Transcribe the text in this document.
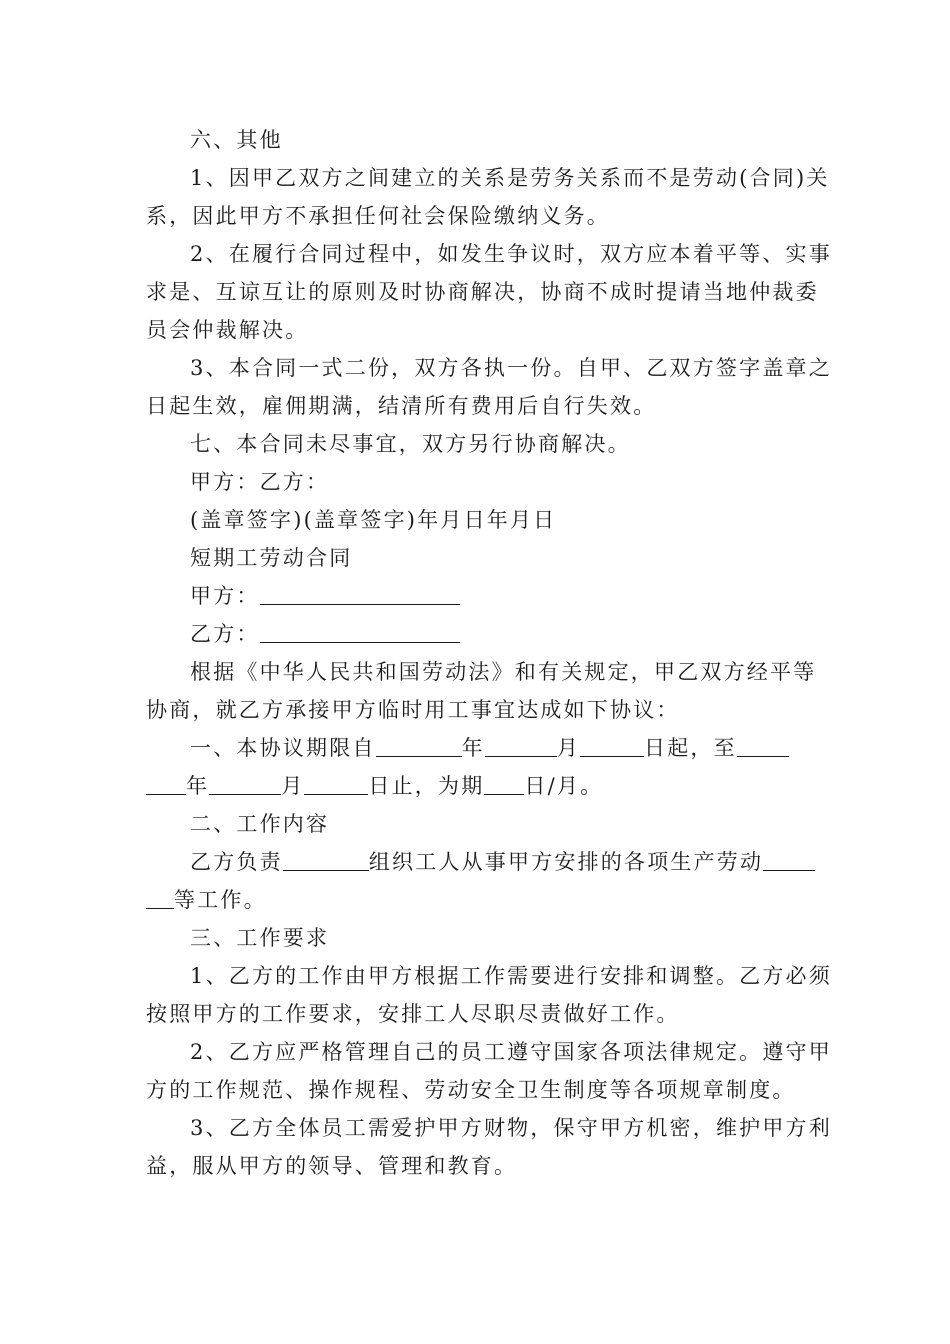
六、其他
1、因甲乙双方之间建立的关系是劳务关系而不是劳动(合同)关
系，因此甲方不承担任何社会保险缴纳义务。
2、在履行合同过程中，如发生争议时，双方应本着平等、实事
求是、互谅互让的原则及时协商解决，协商不成时提请当地仲裁委
员会仲裁解决。
3、本合同一式二份，双方各执一份。自甲、乙双方签字盖章之
日起生效，雇佣期满，结清所有费用后自行失效。
七、本合同未尽事宜，双方另行协商解决。
甲方：乙方：
(盖章签字)(盖章签字)年月日年月日
短期工劳动合同
甲方：
乙方：
根据《中华人民共和国劳动法》和有关规定，甲乙双方经平等
协商，就乙方承接甲方临时用工事宜达成如下协议：
一、本协议期限自	年	月	日起，至
年	月	日止，为期 日/月。
二、工作内容
乙方负责	组织工人从事甲方安排的各项生产劳动
等工作。
三、工作要求
1、乙方的工作由甲方根据工作需要进行安排和调整。乙方必须
按照甲方的工作要求，安排工人尽职尽责做好工作。
2、乙方应严格管理自己的员工遵守国家各项法律规定。遵守甲
方的工作规范、操作规程、劳动安全卫生制度等各项规章制度。
3、乙方全体员工需爱护甲方财物，保守甲方机密，维护甲方利
益，服从甲方的领导、管理和教育。
